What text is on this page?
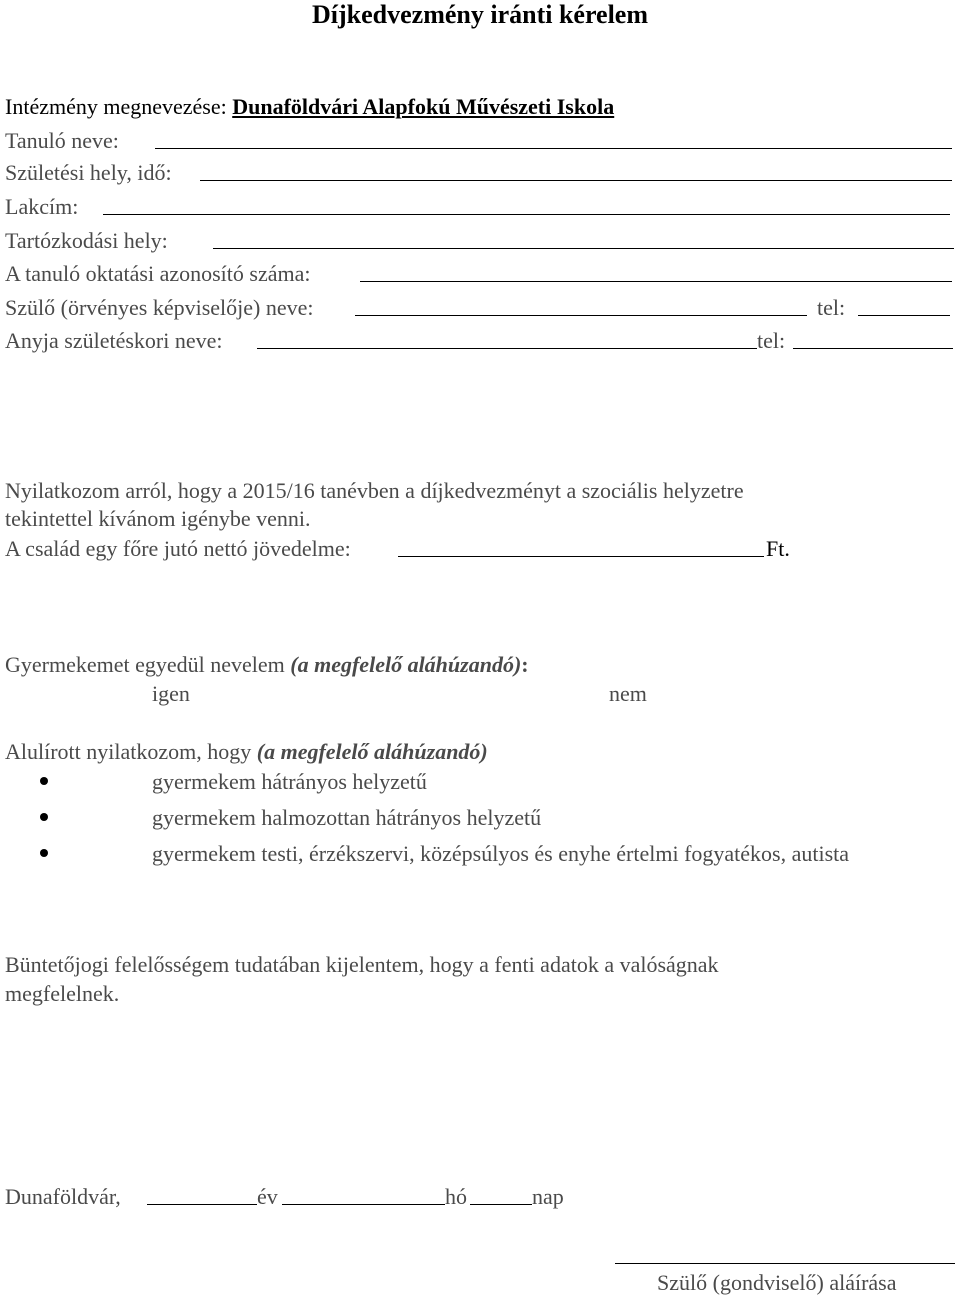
Díjkedvezmény iránti kérelem
Intézmény megnevezése: Dunaföldvári Alapfokú Művészeti Iskola
Tanuló neve:
Születési hely, idő:
Lakcím:
Tartózkodási hely:
A tanuló oktatási azonosító száma:
Szülő (örvényes képviselője) neve:	tel:
Anyja születéskori neve:	tel:
Nyilatkozom arról, hogy a 2015/16 tanévben a díjkedvezményt a szociális helyzetre
tekintettel kívánom igénybe venni.
A család egy főre jutó nettó jövedelme:	Ft.
Gyermekemet egyedül nevelem (a megfelelő aláhúzandó):
igen	nem
Alulírott nyilatkozom, hogy (a megfelelő aláhúzandó)
gyermekem hátrányos helyzetű
gyermekem halmozottan hátrányos helyzetű
gyermekem testi, érzékszervi, középsúlyos és enyhe értelmi fogyatékos, autista
Büntetőjogi felelősségem tudatában kijelentem, hogy a fenti adatok a valóságnak
megfelelnek.
Dunaföldvár,	év	hó	nap
Szülő (gondviselő) aláírása
